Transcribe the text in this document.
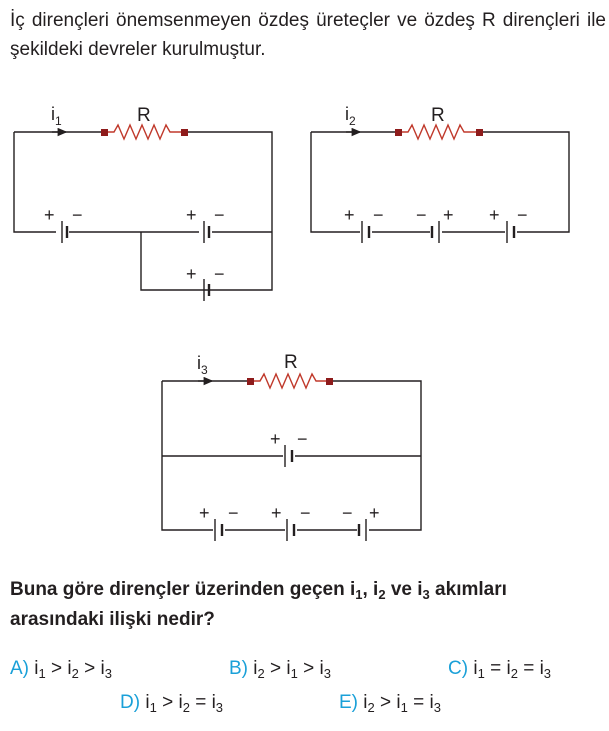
İç dirençleri önemsenmeyen özdeş üreteçler ve özdeş R dirençleri ile şekildeki devreler kurulmuştur.
$i_1$	R
+ −	+ −
+ −
$i_2$	R
+ − − + + −
$i_3$	R
+ −
+ − + − − +
Buna göre dirençler üzerinden geçen $i_1$, $i_2$ ve $i_3$ akımları arasındaki ilişki nedir?
A) $i_1 > i_2 > i_3$	B) $i_2 > i_1 > i_3$	C) $i_1 = i_2 = i_3$
D) $i_1 > i_2 = i_3$	E) $i_2 > i_1 = i_3$
